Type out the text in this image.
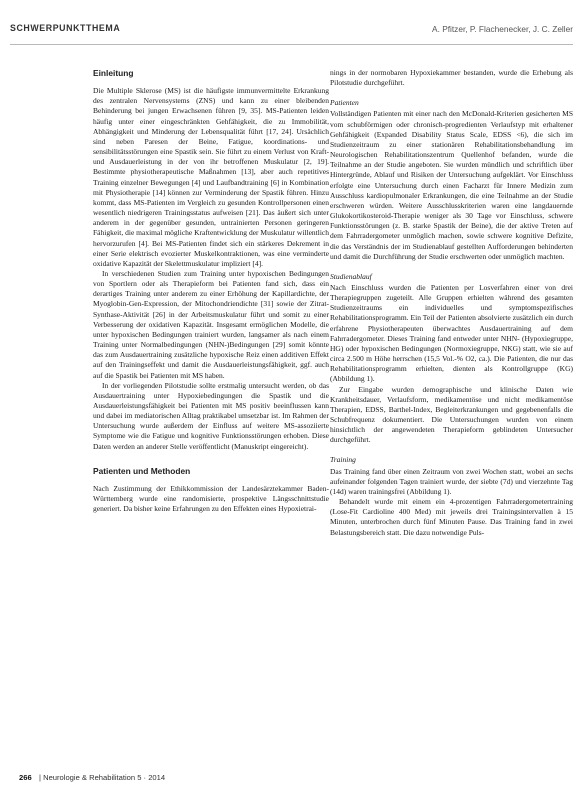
SCHWERPUNKTTHEMA	A. Pfitzer, P. Flachenecker, J. C. Zeller
Einleitung

Die Multiple Sklerose (MS) ist die häufigste immunvermittelte Erkrankung des zentralen Nervensystems (ZNS) und kann zu einer bleibenden Behinderung bei jungen Erwachsenen führen [9, 35]. MS-Patienten leiden häufig unter einer eingeschränkten Gehfähigkeit, die zu Immobilität, Abhängigkeit und Minderung der Lebensqualität führt [17, 24]. Ursächlich sind neben Paresen der Beine, Fatigue, koordinations- und sensibilitätsstörungen eine Spastik sein. Sie führt zu einem Verlust von Kraft- und Ausdauerleistung in der von ihr betroffenen Muskulatur [2, 19]. Bestimmte physiotherapeutische Maßnahmen [13], aber auch repetitives Training einzelner Bewegungen [4] und Laufbandtraining [6] in Kombination mit Physiotherapie [14] können zur Verminderung der Spastik führen. Hinzu kommt, dass MS-Patienten im Vergleich zu gesunden Kontrollpersonen einen wesentlich niedrigeren Trainingsstatus aufweisen [21]. Das äußert sich unter anderem in der gegenüber gesunden, untrainierten Personen geringeren Fähigkeit, die maximal mögliche Kraftentwicklung der Muskulatur willentlich hervorzurufen [4]. Bei MS-Patienten findet sich ein stärkeres Dekrement in einer Serie elektrisch evozierter Muskelkontraktionen, was eine verminderte oxidative Kapazität der Skelettmuskulatur impliziert [4].

In verschiedenen Studien zum Training unter hypoxischen Bedingungen von Sportlern oder als Therapieform bei Patienten fand sich, dass ein derartiges Training unter anderem zu einer Erhöhung der Kapillardichte, der Myoglobin-Gen-Expression, der Mitochondriendichte [31] sowie der Zitrat-Synthase-Aktivität [26] in der Arbeitsmuskulatur führt und somit zu einer Verbesserung der oxidativen Kapazität. Insgesamt ermöglichen Modelle, die unter hypoxischen Bedingungen trainiert wurden, langsamer als nach einem Training unter Normalbedingungen (NHN-)Bedingungen [29] somit könnte das zum Ausdauertraining zusätzliche hypoxische Reiz einen additiven Effekt auf den Trainingseffekt und damit die Ausdauerleistungsfähigkeit, ggf. auch auf die Spastik bei Patienten mit MS haben.

In der vorliegenden Pilotstudie sollte erstmalig untersucht werden, ob das Ausdauertraining unter Hypoxiebedingungen die Spastik und die Ausdauerleistungsfähigkeit bei Patienten mit MS positiv beeinflussen kann und dabei im mediatorischen Alltag praktikabel umsetzbar ist. Im Rahmen der Untersuchung wurde außerdem der Einfluss auf weitere MS-assoziierte Symptome wie die Fatigue und kognitive Funktionsstörungen erhoben. Diese Daten werden an anderer Stelle veröffentlicht (Manuskript eingereicht).

Patienten und Methoden

Nach Zustimmung der Ethikkommission der Landesärztekammer Baden-Württemberg wurde eine randomisierte, prospektive Längsschnittstudie generiert. Da bisher keine Erfahrungen zu den Effekten eines Hypoxietrai-

nings in der normobaren Hypoxiekammer bestanden, wurde die Erhebung als Pilotstudie durchgeführt.

Patienten

Vollständigen Patienten mit einer nach den McDonald-Kriterien gesicherten MS vom schubförmigen oder chronisch-progredienten Verlaufstyp mit erhaltener Gehfähigkeit (Expanded Disability Status Scale, EDSS <6), die sich im Studienzeitraum zu einer stationären Rehabilitationsbehandlung im Neurologischen Rehabilitationszentrum Quellenhof befanden, wurde die Teilnahme an der Studie angeboten. Sie wurden mündlich und schriftlich über Hintergründe, Ablauf und Risiken der Untersuchung aufgeklärt. Vor Einschluss erfolgte eine Untersuchung durch einen Facharzt für Innere Medizin zum Ausschluss kardiopulmonaler Erkrankungen, die eine Teilnahme an der Studie erschweren würden. Weitere Ausschlusskriterien waren eine langdauernde Glukokortikosteroid-Therapie weniger als 30 Tage vor Einschluss, schwere Funktionsstörungen (z. B. starke Spastik der Beine), die der aktive Treten auf dem Fahrradergometer unmöglich machen, sowie schwere kognitive Defizite, die das Verständnis der im Studienablauf gestellten Aufforderungen behinderten und damit die Durchführung der Studie erschwerten oder unmöglich machten.

Studienablauf

Nach Einschluss wurden die Patienten per Losverfahren einer von drei Therapiegruppen zugeteilt. Alle Gruppen erhielten während des gesamten Studienzeitraums ein individuelles und symptomspezifisches Rehabilitationsprogramm. Ein Teil der Patienten absolvierte zusätzlich ein durch erfahrene Physiotherapeuten überwachtes Ausdauertraining auf dem Fahrradergometer. Dieses Training fand entweder unter NHN- (Hypoxiegruppe, HG) oder hypoxischen Bedingungen (Normoxiegruppe, NKG) statt, wie sie auf circa 2.500 m Höhe herrschen (15,5 Vol.-% O2, ca.). Die Patienten, die nur das Rehabilitationsprogramm erhielten, dienten als Kontrollgruppe (KG) (Abbildung 1).

Zur Eingabe wurden demographische und klinische Daten wie Krankheitsdauer, Verlaufsform, medikamentöse und nicht medikamentöse Therapien, EDSS, Barthel-Index, Begleiterkrankungen und gegebenenfalls die Schubfrequenz dokumentiert. Die Untersuchungen wurden von einem hinsichtlich der angewendeten Therapieform geblindeten Untersucher durchgeführt.

Training

Das Training fand über einen Zeitraum von zwei Wochen statt, wobei an sechs aufeinander folgenden Tagen trainiert wurde, der siebte (7d) und vierzehnte Tag (14d) waren trainingsfrei (Abbildung 1).

Behandelt wurde mit einem ein 4-prozentigen Fahrradergometertraining (Lose-Fit Cardioline 400 Med) mit jeweils drei Trainingsintervallen à 15 Minuten, unterbrochen durch fünf Minuten Pause. Das Training fand in zwei Belastungsbereich statt. Die dazu notwendige Puls-

266 | Neurologie & Rehabilitation 5 · 2014
